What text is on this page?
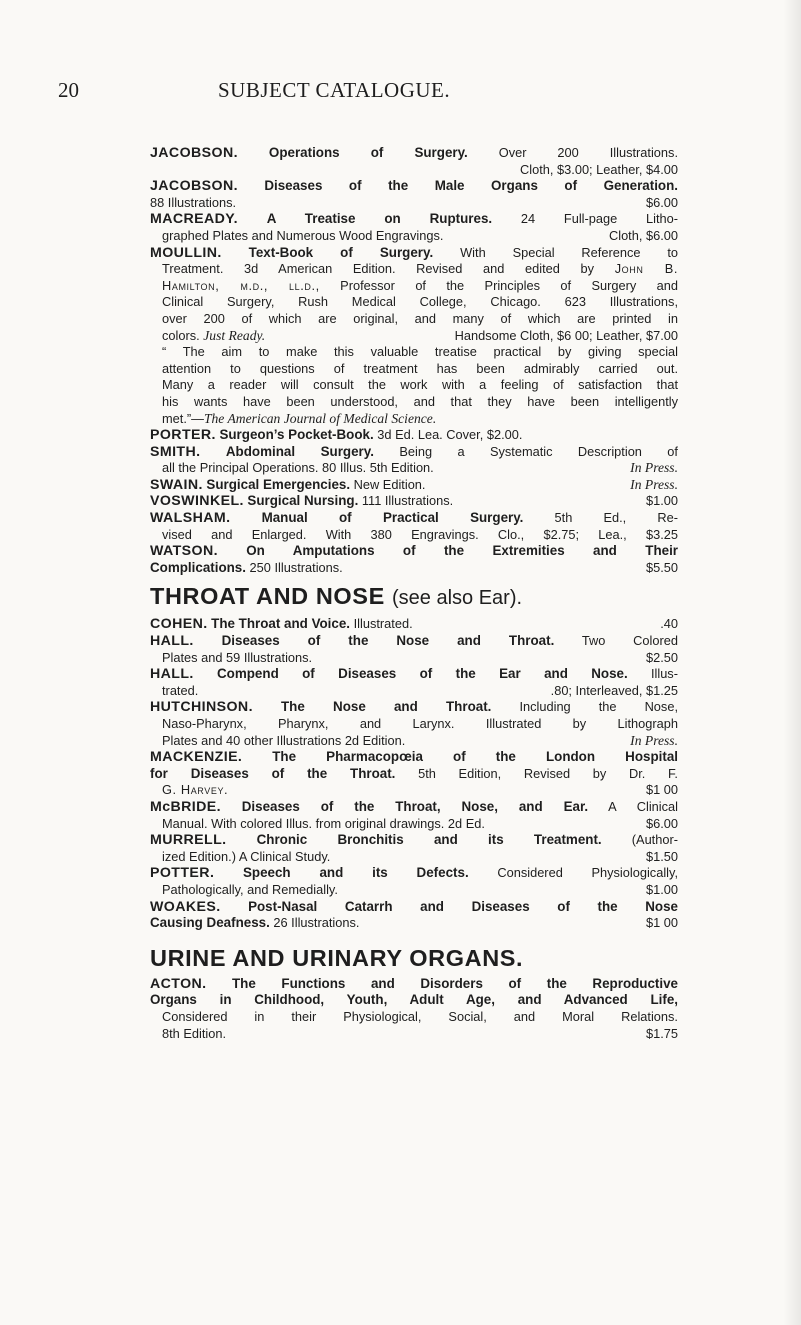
20	SUBJECT CATALOGUE.
JACOBSON. Operations of Surgery. Over 200 Illustrations.
Cloth, $3.00; Leather, $4.00
JACOBSON. Diseases of the Male Organs of Generation.
88 Illustrations.	$6.00
MACREADY. A Treatise on Ruptures. 24 Full-page Litho-
graphed Plates and Numerous Wood Engravings.	Cloth, $6.00
MOULLIN. Text-Book of Surgery. With Special Reference to
Treatment. 3d American Edition. Revised and edited by John B.
Hamilton, m.d., ll.d., Professor of the Principles of Surgery and
Clinical Surgery, Rush Medical College, Chicago. 623 Illustrations,
over 200 of which are original, and many of which are printed in
colors. Just Ready.	Handsome Cloth, $6 00; Leather, $7.00
“ The aim to make this valuable treatise practical by giving special
attention to questions of treatment has been admirably carried out.
Many a reader will consult the work with a feeling of satisfaction that
his wants have been understood, and that they have been intelligently
met.”—The American Journal of Medical Science.
PORTER. Surgeon’s Pocket-Book. 3d Ed. Lea. Cover, $2.00.
SMITH. Abdominal Surgery. Being a Systematic Description of
all the Principal Operations. 80 Illus. 5th Edition.	In Press.
SWAIN. Surgical Emergencies. New Edition.	In Press.
VOSWINKEL. Surgical Nursing. 111 Illustrations.	$1.00
WALSHAM. Manual of Practical Surgery. 5th Ed., Re-
vised and Enlarged. With 380 Engravings. Clo., $2.75; Lea., $3.25
WATSON. On Amputations of the Extremities and Their
Complications. 250 Illustrations.	$5.50
THROAT AND NOSE (see also Ear).
COHEN. The Throat and Voice. Illustrated.	.40
HALL. Diseases of the Nose and Throat. Two Colored
Plates and 59 Illustrations.	$2.50
HALL. Compend of Diseases of the Ear and Nose. Illus-
trated.	.80; Interleaved, $1.25
HUTCHINSON. The Nose and Throat. Including the Nose,
Naso-Pharynx, Pharynx, and Larynx. Illustrated by Lithograph
Plates and 40 other Illustrations 2d Edition.	In Press.
MACKENZIE. The Pharmacopœia of the London Hospital
for Diseases of the Throat. 5th Edition, Revised by Dr. F.
G. Harvey.	$1 00
McBRIDE. Diseases of the Throat, Nose, and Ear. A Clinical
Manual. With colored Illus. from original drawings. 2d Ed.	$6.00
MURRELL. Chronic Bronchitis and its Treatment. (Author-
ized Edition.) A Clinical Study.	$1.50
POTTER. Speech and its Defects. Considered Physiologically,
Pathologically, and Remedially.	$1.00
WOAKES. Post-Nasal Catarrh and Diseases of the Nose
Causing Deafness. 26 Illustrations.	$1 00
URINE AND URINARY ORGANS.
ACTON. The Functions and Disorders of the Reproductive
Organs in Childhood, Youth, Adult Age, and Advanced Life,
Considered in their Physiological, Social, and Moral Relations.
8th Edition.	$1.75
